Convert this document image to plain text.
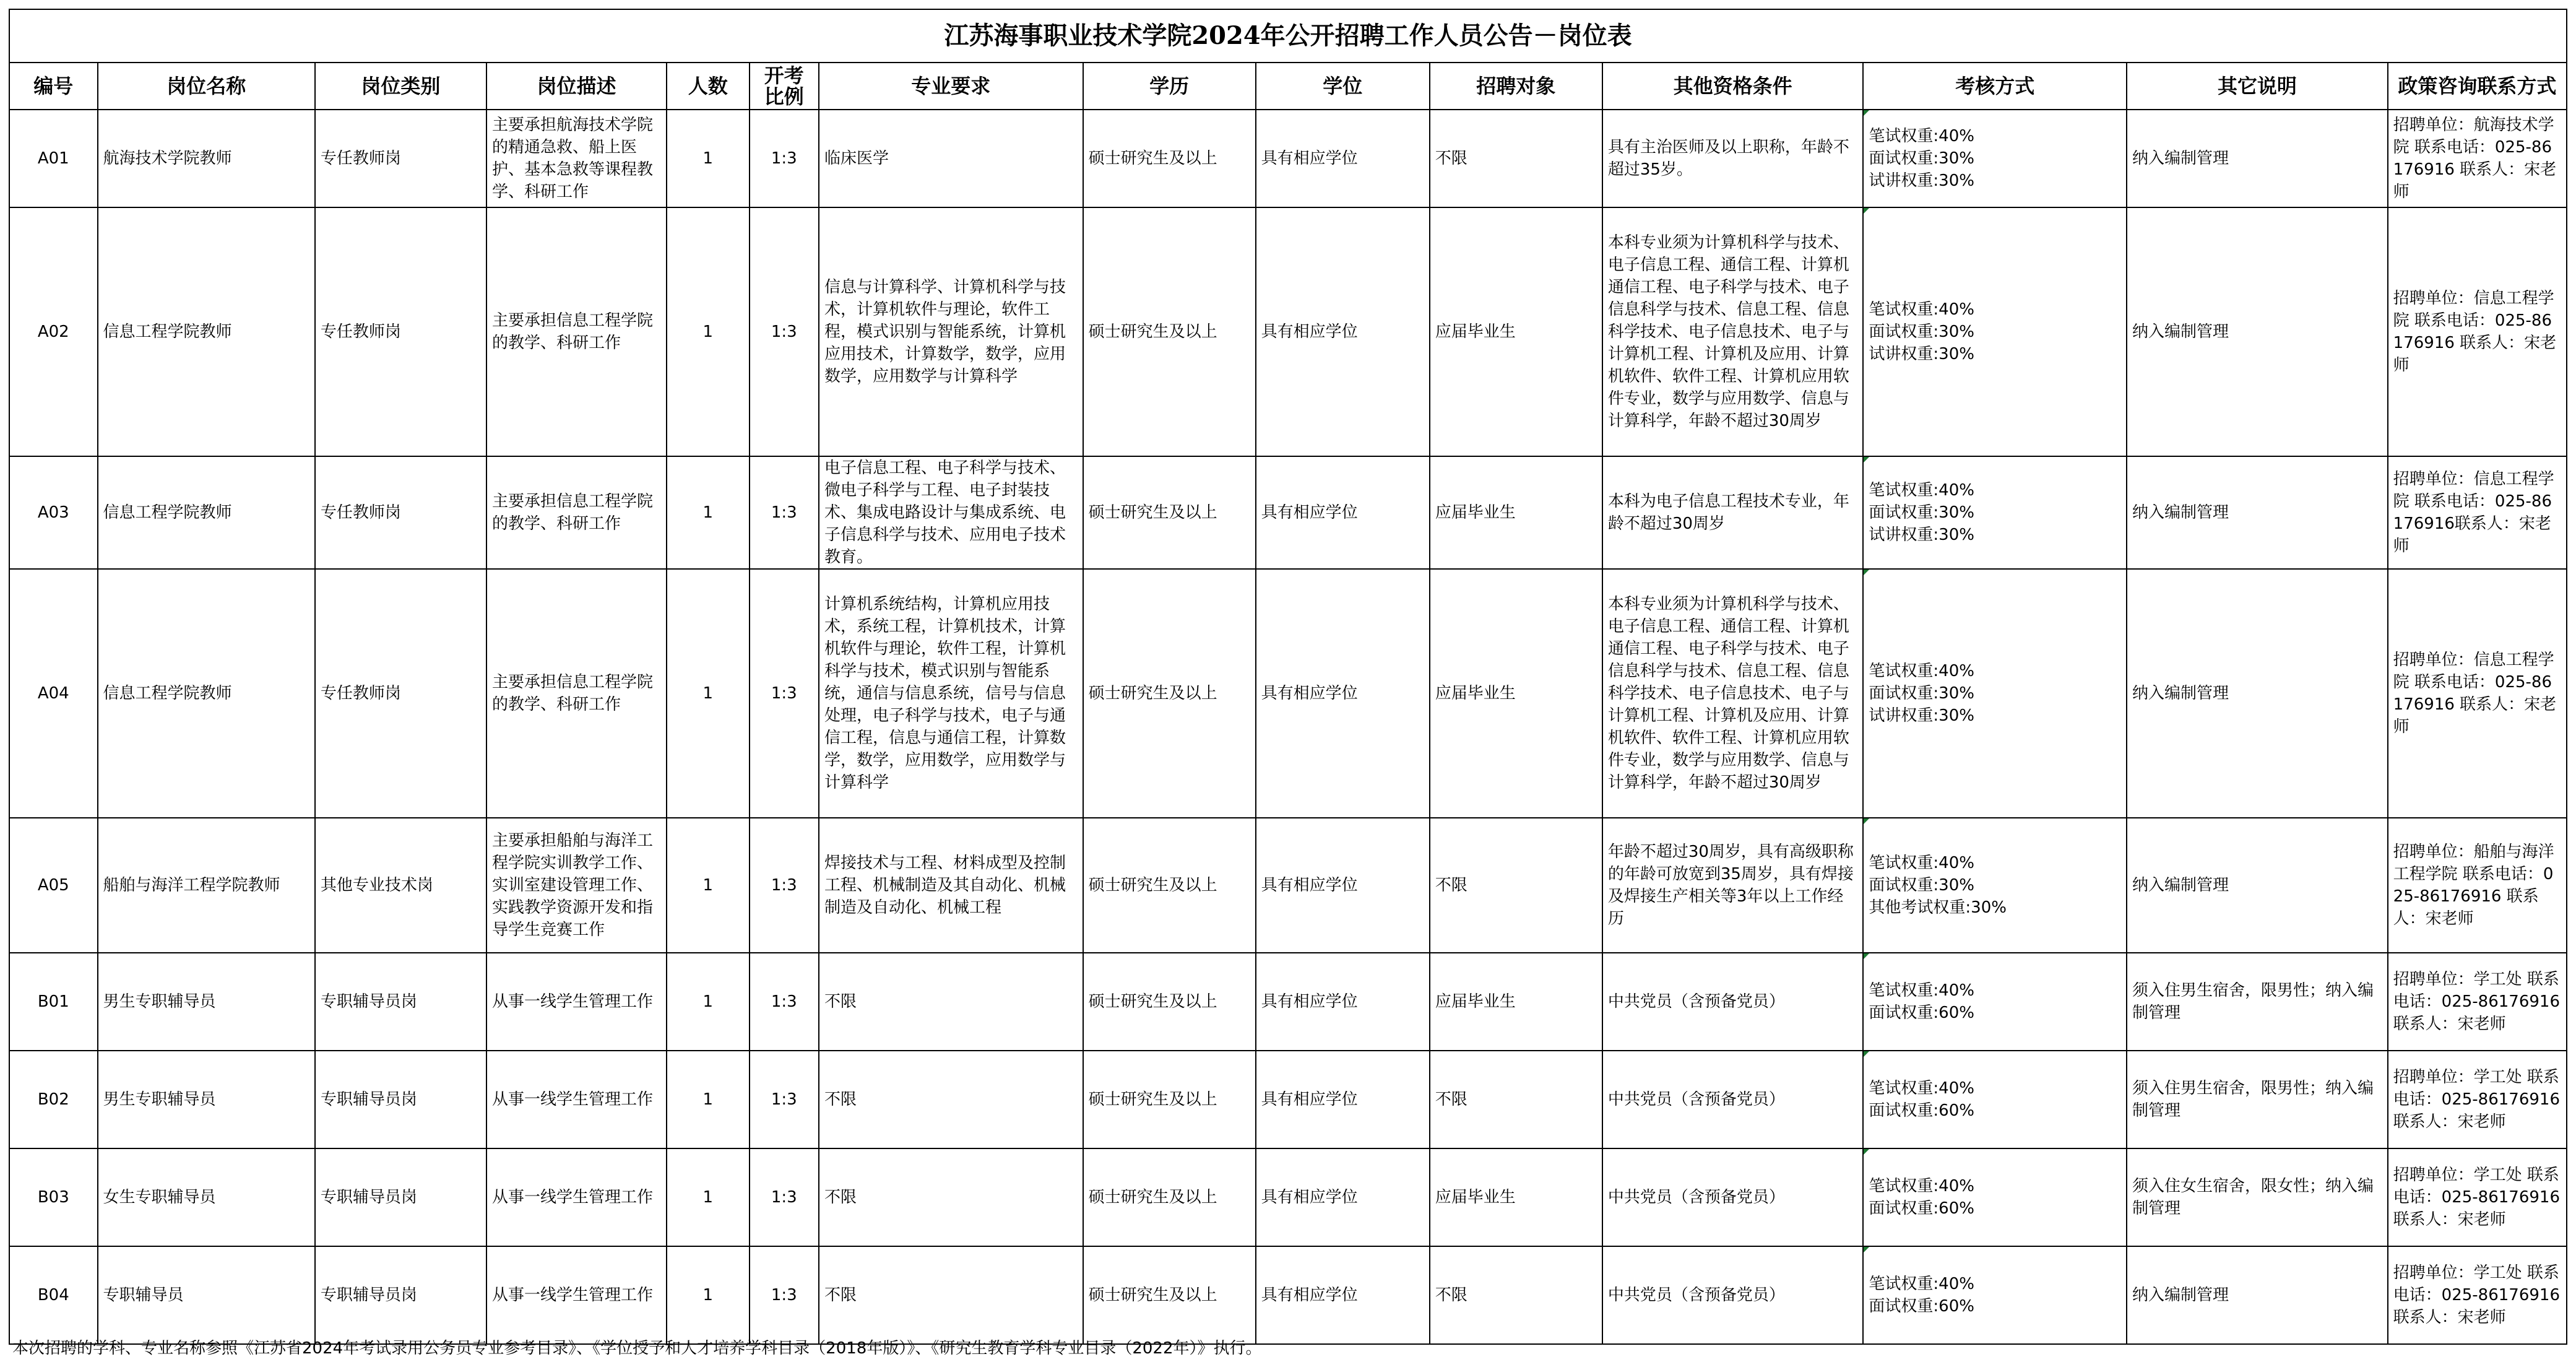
江苏海事职业技术学院2024年公开招聘工作人员公告－岗位表													
编号	岗位名称	岗位类别	岗位描述	人数	开考比例	专业要求	学历	学位	招聘对象	其他资格条件	考核方式	其它说明	政策咨询联系方式
A01	航海技术学院教师	专任教师岗	主要承担航海技术学院的精通急救、船上医护、基本急救等课程教学、科研工作	1	1:3	临床医学	硕士研究生及以上	具有相应学位	不限	具有主治医师及以上职称，年龄不超过35岁。	笔试权重:40%
面试权重:30%
试讲权重:30%	纳入编制管理	招聘单位：航海技术学院 联系电话：025-86176916 联系人：宋老师
A02	信息工程学院教师	专任教师岗	主要承担信息工程学院的教学、科研工作	1	1:3	信息与计算科学、计算机科学与技术，计算机软件与理论，软件工程，模式识别与智能系统，计算机应用技术，计算数学，数学，应用数学，应用数学与计算科学	硕士研究生及以上	具有相应学位	应届毕业生	本科专业须为计算机科学与技术、电子信息工程、通信工程、计算机通信工程、电子科学与技术、电子信息科学与技术、信息工程、信息科学技术、电子信息技术、电子与计算机工程、计算机及应用、计算机软件、软件工程、计算机应用软件专业，数学与应用数学、信息与计算科学，年龄不超过30周岁	笔试权重:40%
面试权重:30%
试讲权重:30%	纳入编制管理	招聘单位：信息工程学院 联系电话：025-86176916 联系人：宋老师
A03	信息工程学院教师	专任教师岗	主要承担信息工程学院的教学、科研工作	1	1:3	电子信息工程、电子科学与技术、微电子科学与工程、电子封装技术、集成电路设计与集成系统、电子信息科学与技术、应用电子技术教育。	硕士研究生及以上	具有相应学位	应届毕业生	本科为电子信息工程技术专业，年龄不超过30周岁	笔试权重:40%
面试权重:30%
试讲权重:30%	纳入编制管理	招聘单位：信息工程学院 联系电话：025-86176916联系人：宋老师
A04	信息工程学院教师	专任教师岗	主要承担信息工程学院的教学、科研工作	1	1:3	计算机系统结构，计算机应用技术，系统工程，计算机技术，计算机软件与理论，软件工程，计算机科学与技术，模式识别与智能系统，通信与信息系统，信号与信息处理，电子科学与技术，电子与通信工程，信息与通信工程，计算数学，数学，应用数学，应用数学与计算科学	硕士研究生及以上	具有相应学位	应届毕业生	本科专业须为计算机科学与技术、电子信息工程、通信工程、计算机通信工程、电子科学与技术、电子信息科学与技术、信息工程、信息科学技术、电子信息技术、电子与计算机工程、计算机及应用、计算机软件、软件工程、计算机应用软件专业，数学与应用数学、信息与计算科学，年龄不超过30周岁	笔试权重:40%
面试权重:30%
试讲权重:30%	纳入编制管理	招聘单位：信息工程学院 联系电话：025-86176916 联系人：宋老师
A05	船舶与海洋工程学院教师	其他专业技术岗	主要承担船舶与海洋工程学院实训教学工作、实训室建设管理工作、实践教学资源开发和指导学生竞赛工作	1	1:3	焊接技术与工程、材料成型及控制工程、机械制造及其自动化、机械制造及自动化、机械工程	硕士研究生及以上	具有相应学位	不限	年龄不超过30周岁，具有高级职称的年龄可放宽到35周岁，具有焊接及焊接生产相关等3年以上工作经历	笔试权重:40%
面试权重:30%
其他考试权重:30%	纳入编制管理	招聘单位：船舶与海洋工程学院 联系电话：025-86176916 联系人：宋老师
B01	男生专职辅导员	专职辅导员岗	从事一线学生管理工作	1	1:3	不限	硕士研究生及以上	具有相应学位	应届毕业生	中共党员（含预备党员）	笔试权重:40%
面试权重:60%	须入住男生宿舍，限男性；纳入编制管理	招聘单位：学工处 联系电话：025-86176916 联系人：宋老师
B02	男生专职辅导员	专职辅导员岗	从事一线学生管理工作	1	1:3	不限	硕士研究生及以上	具有相应学位	不限	中共党员（含预备党员）	笔试权重:40%
面试权重:60%	须入住男生宿舍，限男性；纳入编制管理	招聘单位：学工处 联系电话：025-86176916 联系人：宋老师
B03	女生专职辅导员	专职辅导员岗	从事一线学生管理工作	1	1:3	不限	硕士研究生及以上	具有相应学位	应届毕业生	中共党员（含预备党员）	笔试权重:40%
面试权重:60%	须入住女生宿舍，限女性；纳入编制管理	招聘单位：学工处 联系电话：025-86176916 联系人：宋老师
B04	专职辅导员	专职辅导员岗	从事一线学生管理工作	1	1:3	不限	硕士研究生及以上	具有相应学位	不限	中共党员（含预备党员）	笔试权重:40%
面试权重:60%	纳入编制管理	招聘单位：学工处 联系电话：025-86176916 联系人：宋老师
本次招聘的学科、专业名称参照《江苏省2024年考试录用公务员专业参考目录》、《学位授予和人才培养学科目录（2018年版）》、《研究生教育学科专业目录（2022年）》执行。
